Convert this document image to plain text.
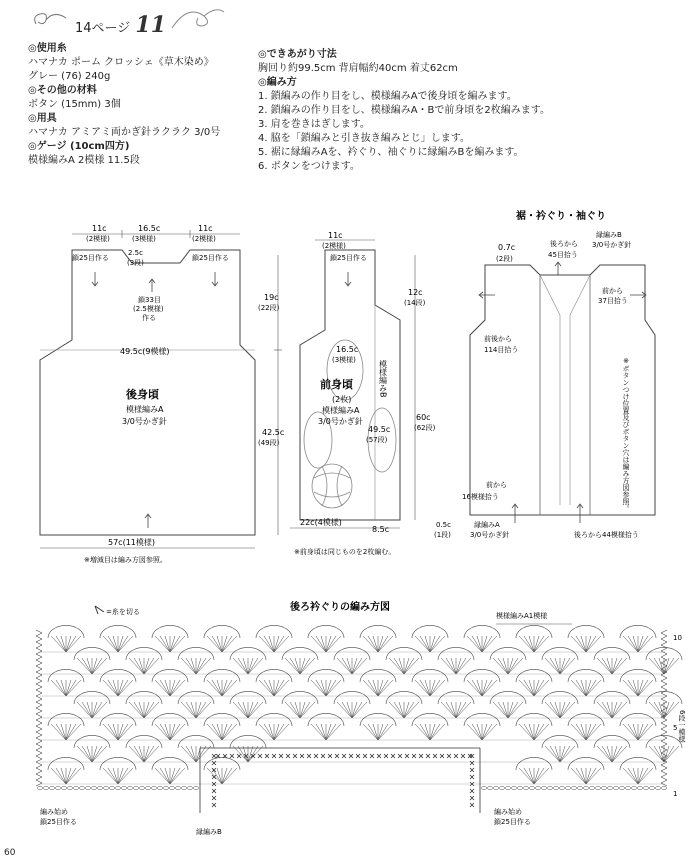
14ページ 11
◎使用糸
ハマナカ ポーム クロッシェ《草木染め》
グレー (76) 240g
◎その他の材料
ボタン (15mm) 3個
◎用具
ハマナカ アミアミ両かぎ針ラクラク 3/0号
◎ゲージ (10cm四方)
模様編みA 2模様 11.5段
◎できあがり寸法
胸回り約99.5cm 背肩幅約40cm 着丈62cm
◎編み方
1. 鎖編みの作り目をし、模様編みAで後身頃を編みます。
2. 鎖編みの作り目をし、模様編みA・Bで前身頃を2枚編みます。
3. 肩を巻きはぎします。
4. 脇を「鎖編みと引き抜き編みとじ」します。
5. 裾に縁編みAを、衿ぐり、袖ぐりに縁編みBを編みます。
6. ボタンをつけます。
11c
(2模様)
16.5c
(3模様)
11c
(2模様)
鎖25目作る	鎖25目作る
2.5c
(3段)
鎖33目
(2.5模様)
作る
49.5c(9模様)
後身頃
模様編みA
3/0号かぎ針
19c
(22段)
42.5c
(49段)
57c(11模様)
※増減目は編み方図参照。
11c
(2模様)
鎖25目作る
16.5c
(3模様)
前身頃
(2枚)
模様編みA
3/0号かぎ針
模様編みB
12c
(14段)
60c
(62段)
49.5c
(57段)
22c(4模様)
8.5c
※前身頃は同じものを2枚編む。
裾・衿ぐり・袖ぐり
0.7c
(2段)
後ろから
45目拾う
縁編みB
3/0号かぎ針
前から
37目拾う
前後から
114目拾う
※ボタンつけ位置及びボタン穴は編み方図参照。
前から
16模様拾う
0.5c
(1段)
縁編みA
3/0号かぎ針	後ろから44模様拾う
後ろ衿ぐりの編み方図
=糸を切る	模様編みA1模様
編み始め
鎖25目作る
縁編みB
編み始め
鎖25目作る
10
5
1
6段一模様
60
